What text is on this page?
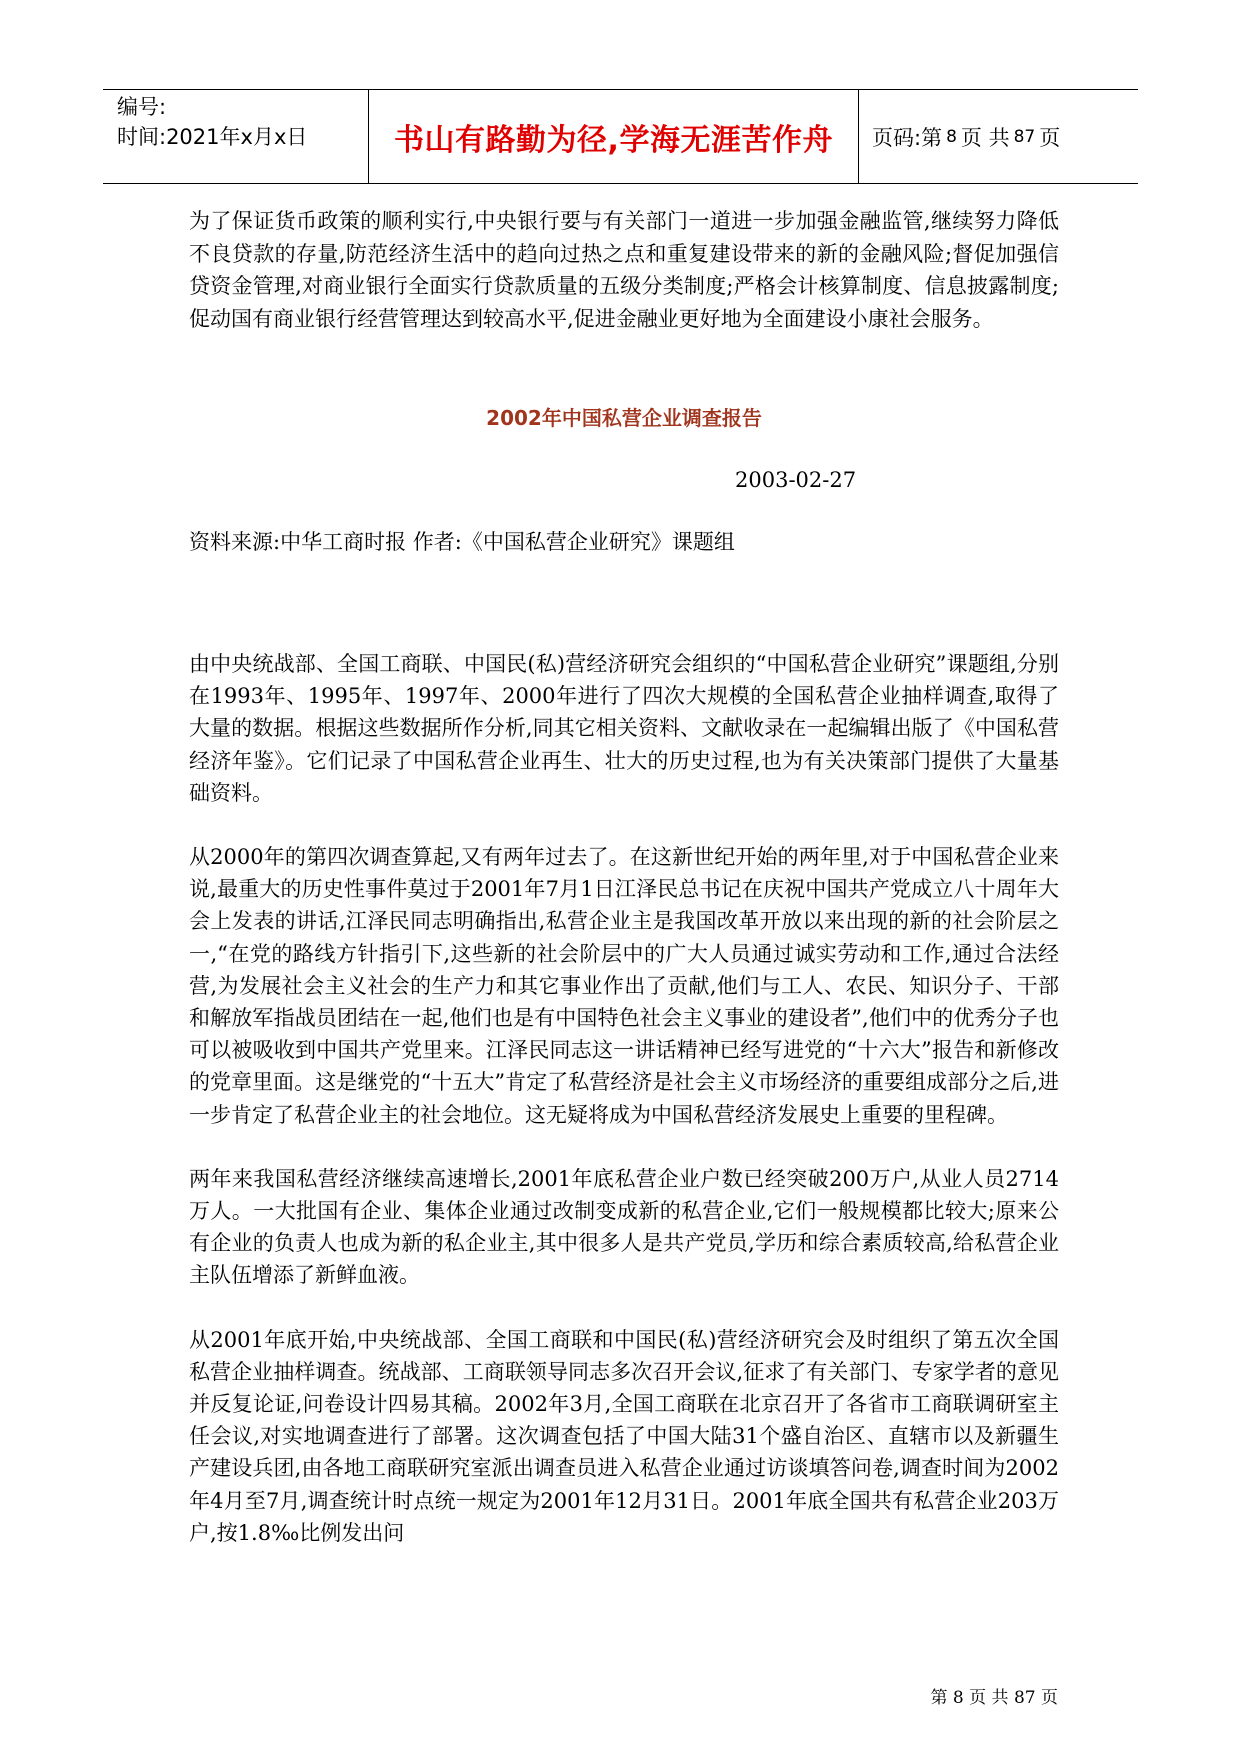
编号:
时间:2021年x月x日	书山有路勤为径,学海无涯苦作舟	页码:第 8 页 共 87 页

为了保证货币政策的顺利实行,中央银行要与有关部门一道进一步加强金融监管,继续努力降低不良贷款的存量,防范经济生活中的趋向过热之点和重复建设带来的新的金融风险;督促加强信贷资金管理,对商业银行全面实行贷款质量的五级分类制度;严格会计核算制度、信息披露制度;促动国有商业银行经营管理达到较高水平,促进金融业更好地为全面建设小康社会服务。

2002年中国私营企业调查报告
2003-02-27
资料来源:中华工商时报 作者:《中国私营企业研究》课题组

由中央统战部、全国工商联、中国民(私)营经济研究会组织的“中国私营企业研究”课题组,分别在1993年、1995年、1997年、2000年进行了四次大规模的全国私营企业抽样调查,取得了大量的数据。根据这些数据所作分析,同其它相关资料、文献收录在一起编辑出版了《中国私营经济年鉴》。它们记录了中国私营企业再生、壮大的历史过程,也为有关决策部门提供了大量基础资料。

从2000年的第四次调查算起,又有两年过去了。在这新世纪开始的两年里,对于中国私营企业来说,最重大的历史性事件莫过于2001年7月1日江泽民总书记在庆祝中国共产党成立八十周年大会上发表的讲话,江泽民同志明确指出,私营企业主是我国改革开放以来出现的新的社会阶层之一,“在党的路线方针指引下,这些新的社会阶层中的广大人员通过诚实劳动和工作,通过合法经营,为发展社会主义社会的生产力和其它事业作出了贡献,他们与工人、农民、知识分子、干部和解放军指战员团结在一起,他们也是有中国特色社会主义事业的建设者”,他们中的优秀分子也可以被吸收到中国共产党里来。江泽民同志这一讲话精神已经写进党的“十六大”报告和新修改的党章里面。这是继党的“十五大”肯定了私营经济是社会主义市场经济的重要组成部分之后,进一步肯定了私营企业主的社会地位。这无疑将成为中国私营经济发展史上重要的里程碑。

两年来我国私营经济继续高速增长,2001年底私营企业户数已经突破200万户,从业人员2714万人。一大批国有企业、集体企业通过改制变成新的私营企业,它们一般规模都比较大;原来公有企业的负责人也成为新的私企业主,其中很多人是共产党员,学历和综合素质较高,给私营企业主队伍增添了新鲜血液。

从2001年底开始,中央统战部、全国工商联和中国民(私)营经济研究会及时组织了第五次全国私营企业抽样调查。统战部、工商联领导同志多次召开会议,征求了有关部门、专家学者的意见并反复论证,问卷设计四易其稿。2002年3月,全国工商联在北京召开了各省市工商联调研室主任会议,对实地调查进行了部署。这次调查包括了中国大陆31个盛自治区、直辖市以及新疆生产建设兵团,由各地工商联研究室派出调查员进入私营企业通过访谈填答问卷,调查时间为2002年4月至7月,调查统计时点统一规定为2001年12月31日。2001年底全国共有私营企业203万户,按1.8‰比例发出问

第 8 页 共 87 页
